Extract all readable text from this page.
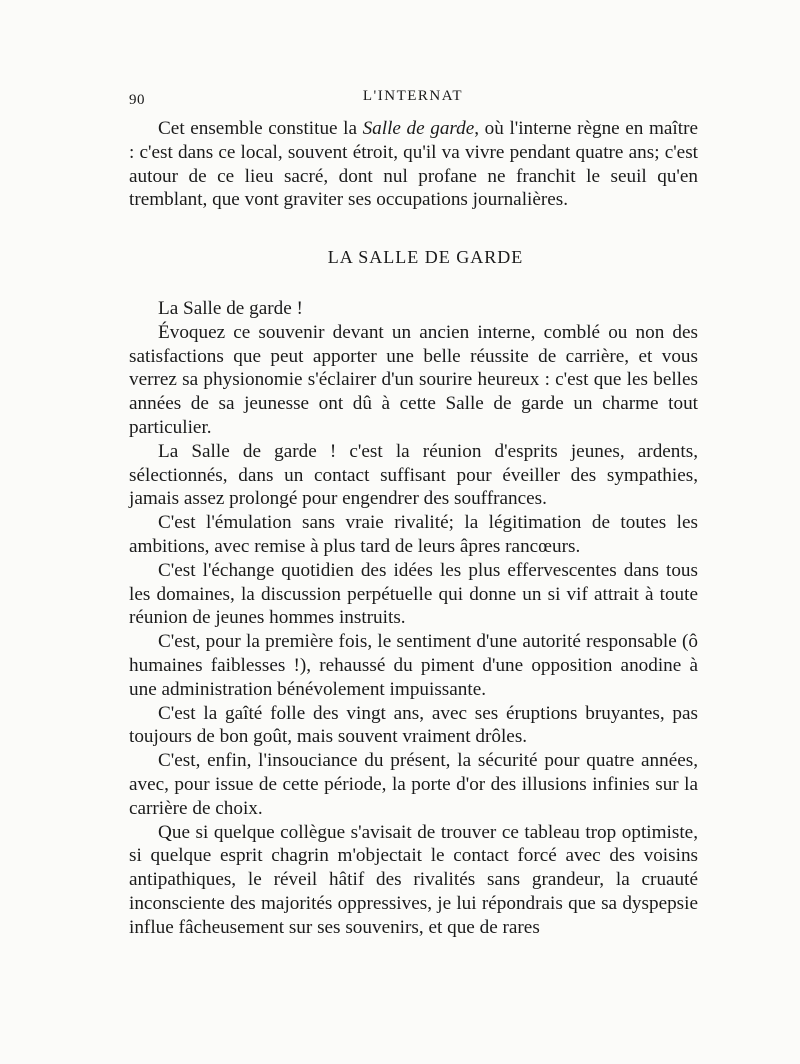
90	L'INTERNAT

Cet ensemble constitue la Salle de garde, où l'interne règne en maître : c'est dans ce local, souvent étroit, qu'il va vivre pendant quatre ans; c'est autour de ce lieu sacré, dont nul profane ne franchit le seuil qu'en tremblant, que vont graviter ses occupations journalières.

LA SALLE DE GARDE

La Salle de garde !

Évoquez ce souvenir devant un ancien interne, comblé ou non des satisfactions que peut apporter une belle réussite de carrière, et vous verrez sa physionomie s'éclairer d'un sourire heureux : c'est que les belles années de sa jeunesse ont dû à cette Salle de garde un charme tout particulier.

La Salle de garde ! c'est la réunion d'esprits jeunes, ardents, sélectionnés, dans un contact suffisant pour éveiller des sympathies, jamais assez prolongé pour engendrer des souffrances.

C'est l'émulation sans vraie rivalité; la légitimation de toutes les ambitions, avec remise à plus tard de leurs âpres rancœurs.

C'est l'échange quotidien des idées les plus effervescentes dans tous les domaines, la discussion perpétuelle qui donne un si vif attrait à toute réunion de jeunes hommes instruits.

C'est, pour la première fois, le sentiment d'une autorité responsable (ô humaines faiblesses !), rehaussé du piment d'une opposition anodine à une administration bénévolement impuissante.

C'est la gaîté folle des vingt ans, avec ses éruptions bruyantes, pas toujours de bon goût, mais souvent vraiment drôles.

C'est, enfin, l'insouciance du présent, la sécurité pour quatre années, avec, pour issue de cette période, la porte d'or des illusions infinies sur la carrière de choix.

Que si quelque collègue s'avisait de trouver ce tableau trop optimiste, si quelque esprit chagrin m'objectait le contact forcé avec des voisins antipathiques, le réveil hâtif des rivalités sans grandeur, la cruauté inconsciente des majorités oppressives, je lui répondrais que sa dyspepsie influe fâcheusement sur ses souvenirs, et que de rares
